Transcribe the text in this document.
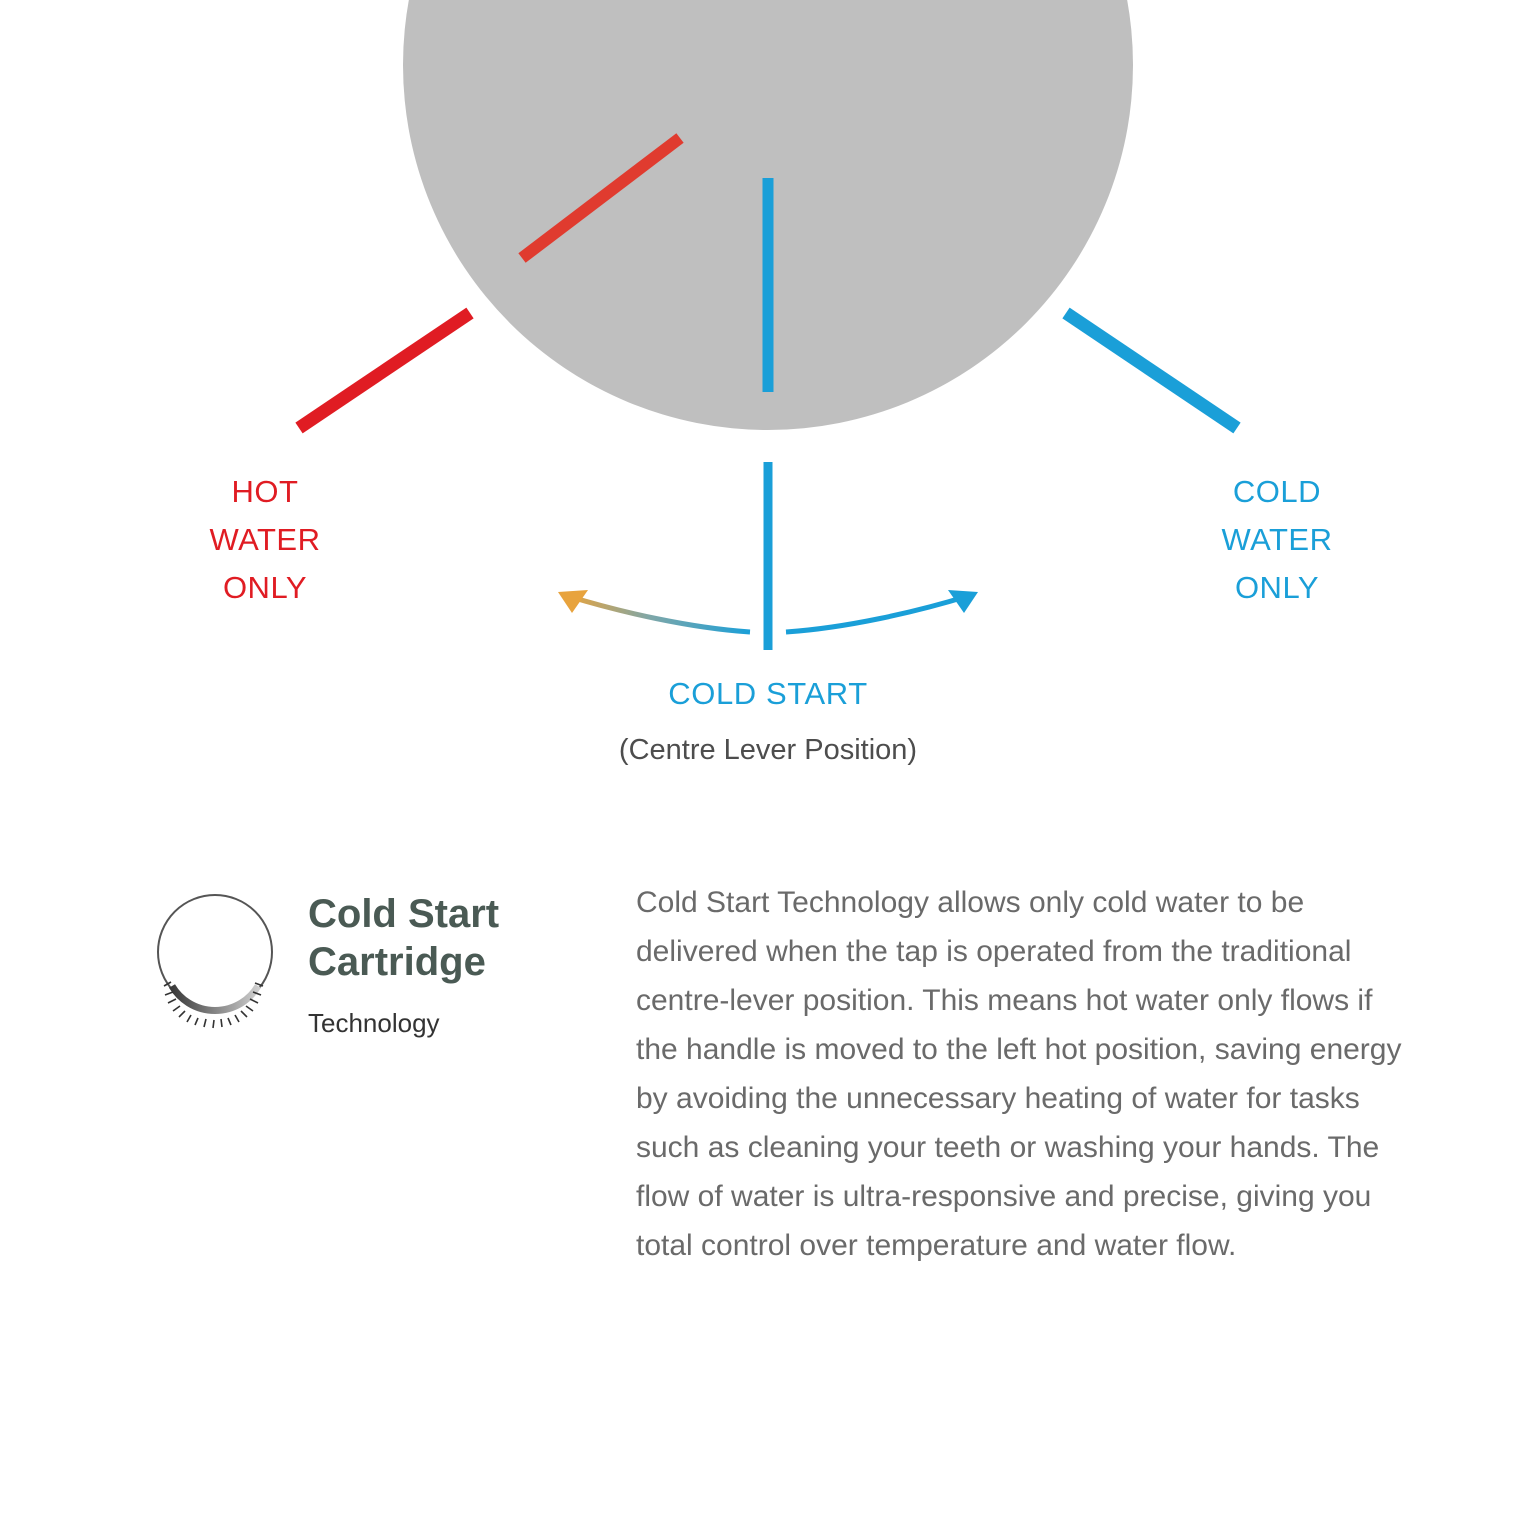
HOT
WATER
ONLY
COLD
WATER
ONLY
COLD START
(Centre Lever Position)
Cold Start
Cartridge
Technology
Cold Start Technology allows only cold water to be delivered when the tap is operated from the traditional centre-lever position. This means hot water only flows if the handle is moved to the left hot position, saving energy by avoiding the unnecessary heating of water for tasks such as cleaning your teeth or washing your hands. The flow of water is ultra-responsive and precise, giving you total control over temperature and water flow.
